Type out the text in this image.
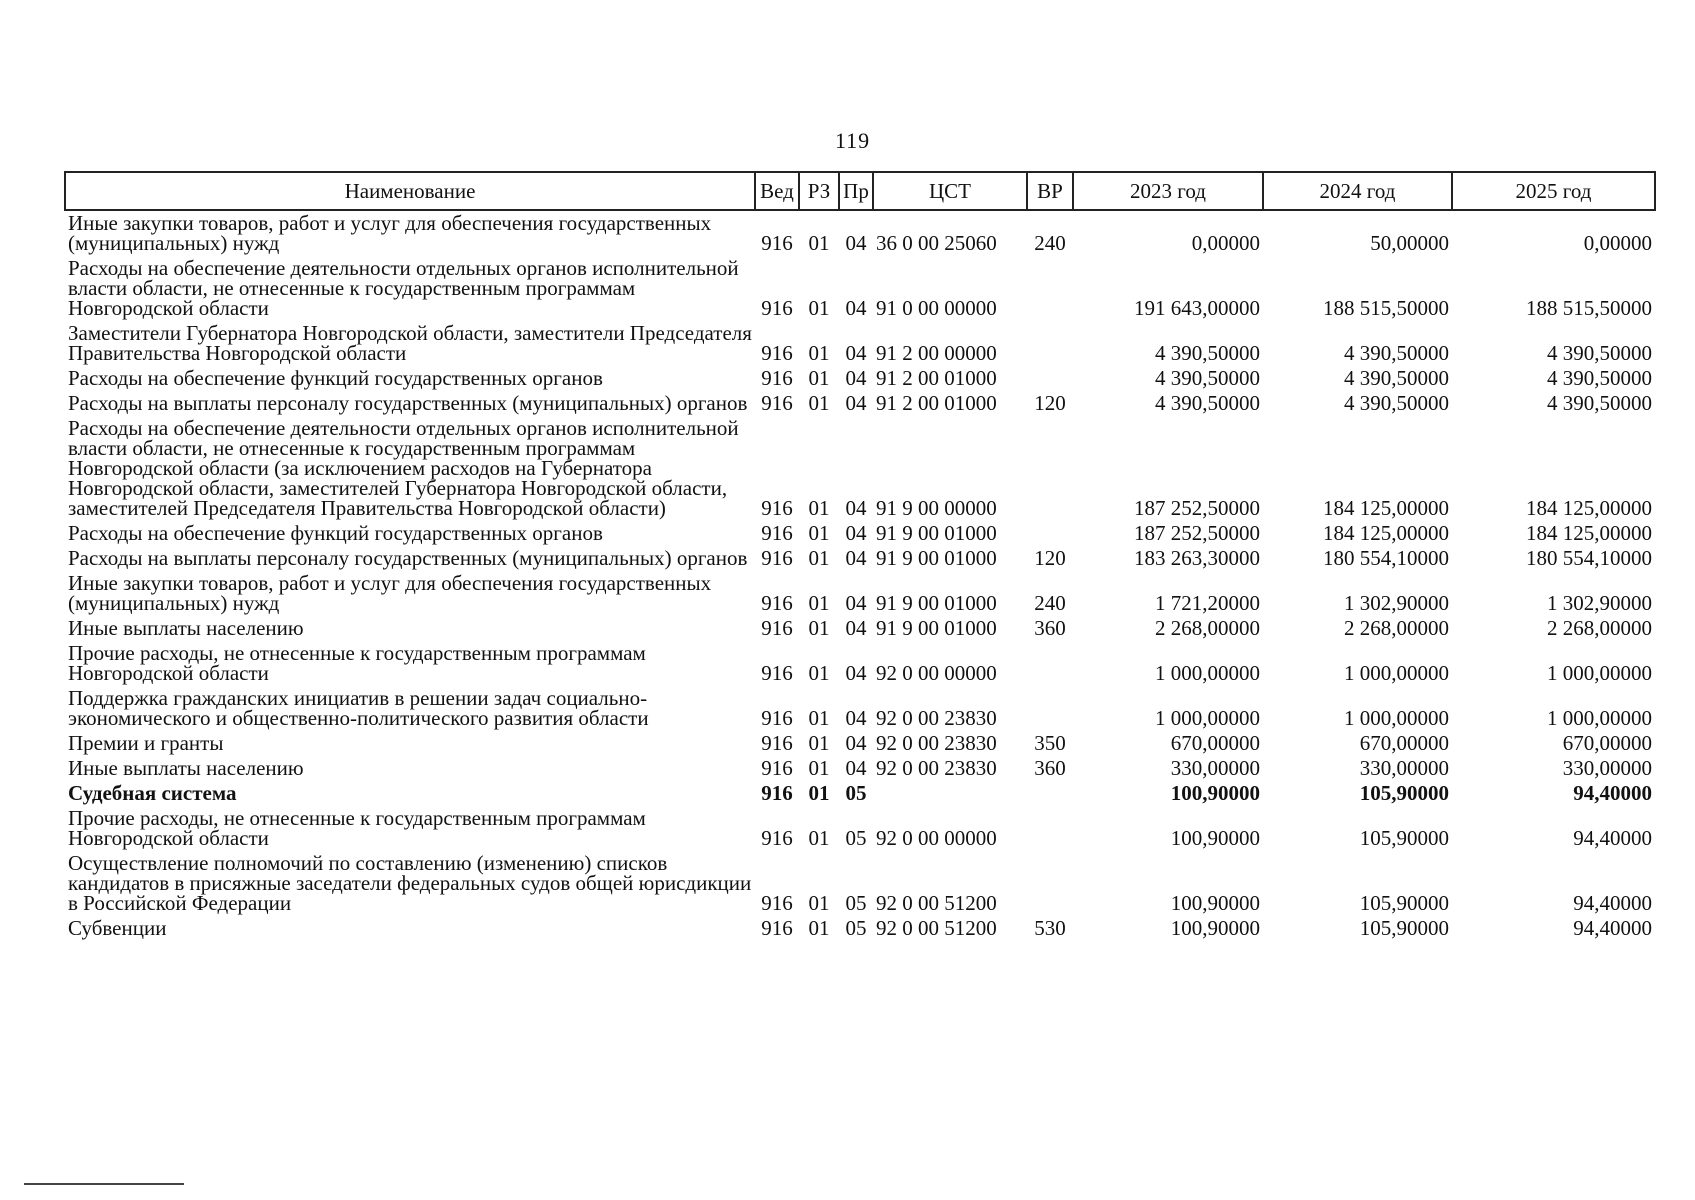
119
Наименование	Вед	РЗ	Пр	ЦСТ	ВР	2023 год	2024 год	2025 год
Иные закупки товаров, работ и услуг для обеспечения государственных (муниципальных) нужд	916	01	04	36 0 00 25060	240	0,00000	50,00000	0,00000
Расходы на обеспечение деятельности отдельных органов исполнительной власти области, не отнесенные к государственным программам Новгородской области	916	01	04	91 0 00 00000		191 643,00000	188 515,50000	188 515,50000
Заместители Губернатора Новгородской области, заместители Председателя Правительства Новгородской области	916	01	04	91 2 00 00000		4 390,50000	4 390,50000	4 390,50000
Расходы на обеспечение функций государственных органов	916	01	04	91 2 00 01000		4 390,50000	4 390,50000	4 390,50000
Расходы на выплаты персоналу государственных (муниципальных) органов	916	01	04	91 2 00 01000	120	4 390,50000	4 390,50000	4 390,50000
Расходы на обеспечение деятельности отдельных органов исполнительной власти области, не отнесенные к государственным программам Новгородской области (за исключением расходов на Губернатора Новгородской области, заместителей Губернатора Новгородской области, заместителей Председателя Правительства Новгородской области)	916	01	04	91 9 00 00000		187 252,50000	184 125,00000	184 125,00000
Расходы на обеспечение функций государственных органов	916	01	04	91 9 00 01000		187 252,50000	184 125,00000	184 125,00000
Расходы на выплаты персоналу государственных (муниципальных) органов	916	01	04	91 9 00 01000	120	183 263,30000	180 554,10000	180 554,10000
Иные закупки товаров, работ и услуг для обеспечения государственных (муниципальных) нужд	916	01	04	91 9 00 01000	240	1 721,20000	1 302,90000	1 302,90000
Иные выплаты населению	916	01	04	91 9 00 01000	360	2 268,00000	2 268,00000	2 268,00000
Прочие расходы, не отнесенные к государственным программам Новгородской области	916	01	04	92 0 00 00000		1 000,00000	1 000,00000	1 000,00000
Поддержка гражданских инициатив в решении задач социально-экономического и общественно-политического развития области	916	01	04	92 0 00 23830		1 000,00000	1 000,00000	1 000,00000
Премии и гранты	916	01	04	92 0 00 23830	350	670,00000	670,00000	670,00000
Иные выплаты населению	916	01	04	92 0 00 23830	360	330,00000	330,00000	330,00000
Судебная система	916	01	05			100,90000	105,90000	94,40000
Прочие расходы, не отнесенные к государственным программам Новгородской области	916	01	05	92 0 00 00000		100,90000	105,90000	94,40000
Осуществление полномочий по составлению (изменению) списков кандидатов в присяжные заседатели федеральных судов общей юрисдикции в Российской Федерации	916	01	05	92 0 00 51200		100,90000	105,90000	94,40000
Субвенции	916	01	05	92 0 00 51200	530	100,90000	105,90000	94,40000
